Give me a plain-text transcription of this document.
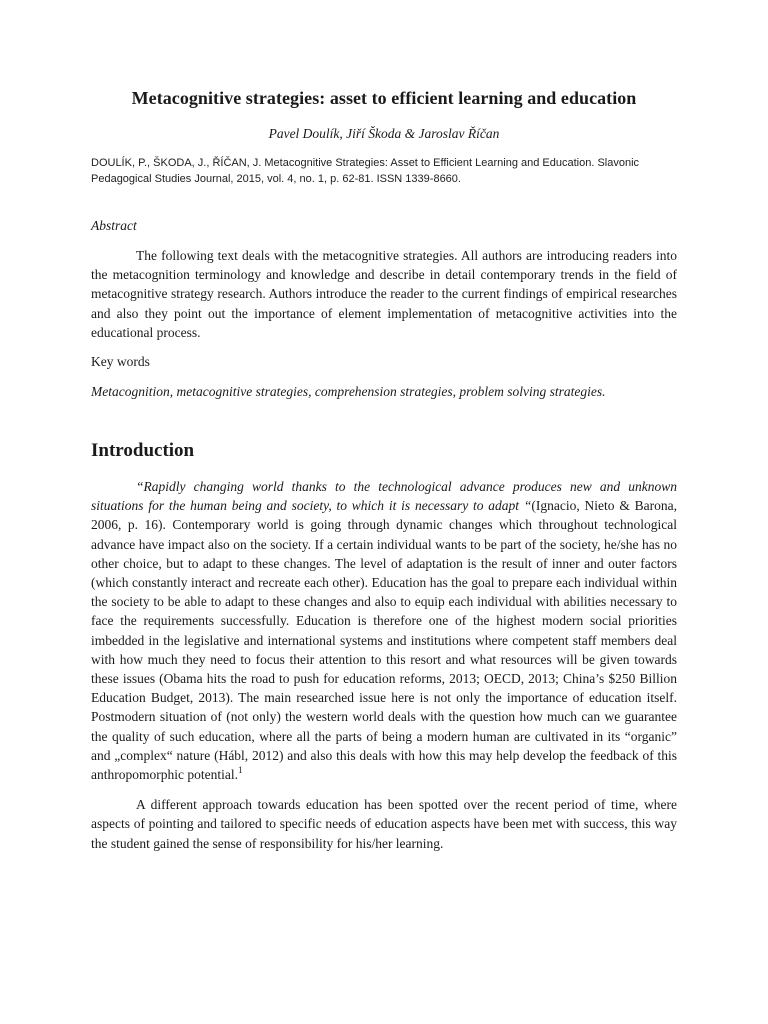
Metacognitive strategies: asset to efficient learning and education

Pavel Doulík, Jiří Škoda & Jaroslav Říčan

DOULÍK, P., ŠKODA, J., ŘÍČAN, J. Metacognitive Strategies: Asset to Efficient Learning and Education. Slavonic Pedagogical Studies Journal, 2015, vol. 4, no. 1, p. 62-81. ISSN 1339-8660.

Abstract

The following text deals with the metacognitive strategies. All authors are introducing readers into the metacognition terminology and knowledge and describe in detail contemporary trends in the field of metacognitive strategy research. Authors introduce the reader to the current findings of empirical researches and also they point out the importance of element implementation of metacognitive activities into the educational process.

Key words

Metacognition, metacognitive strategies, comprehension strategies, problem solving strategies.

Introduction

“Rapidly changing world thanks to the technological advance produces new and unknown situations for the human being and society, to which it is necessary to adapt “(Ignacio, Nieto & Barona, 2006, p. 16). Contemporary world is going through dynamic changes which throughout technological advance have impact also on the society. If a certain individual wants to be part of the society, he/she has no other choice, but to adapt to these changes. The level of adaptation is the result of inner and outer factors (which constantly interact and recreate each other). Education has the goal to prepare each individual within the society to be able to adapt to these changes and also to equip each individual with abilities necessary to face the requirements successfully. Education is therefore one of the highest modern social priorities imbedded in the legislative and international systems and institutions where competent staff members deal with how much they need to focus their attention to this resort and what resources will be given towards these issues (Obama hits the road to push for education reforms, 2013; OECD, 2013; China’s $250 Billion Education Budget, 2013). The main researched issue here is not only the importance of education itself. Postmodern situation of (not only) the western world deals with the question how much can we guarantee the quality of such education, where all the parts of being a modern human are cultivated in its “organic” and „complex“ nature (Hábl, 2012) and also this deals with how this may help develop the feedback of this anthropomorphic potential.$^1$

A different approach towards education has been spotted over the recent period of time, where aspects of pointing and tailored to specific needs of education aspects have been met with success, this way the student gained the sense of responsibility for his/her learning.
